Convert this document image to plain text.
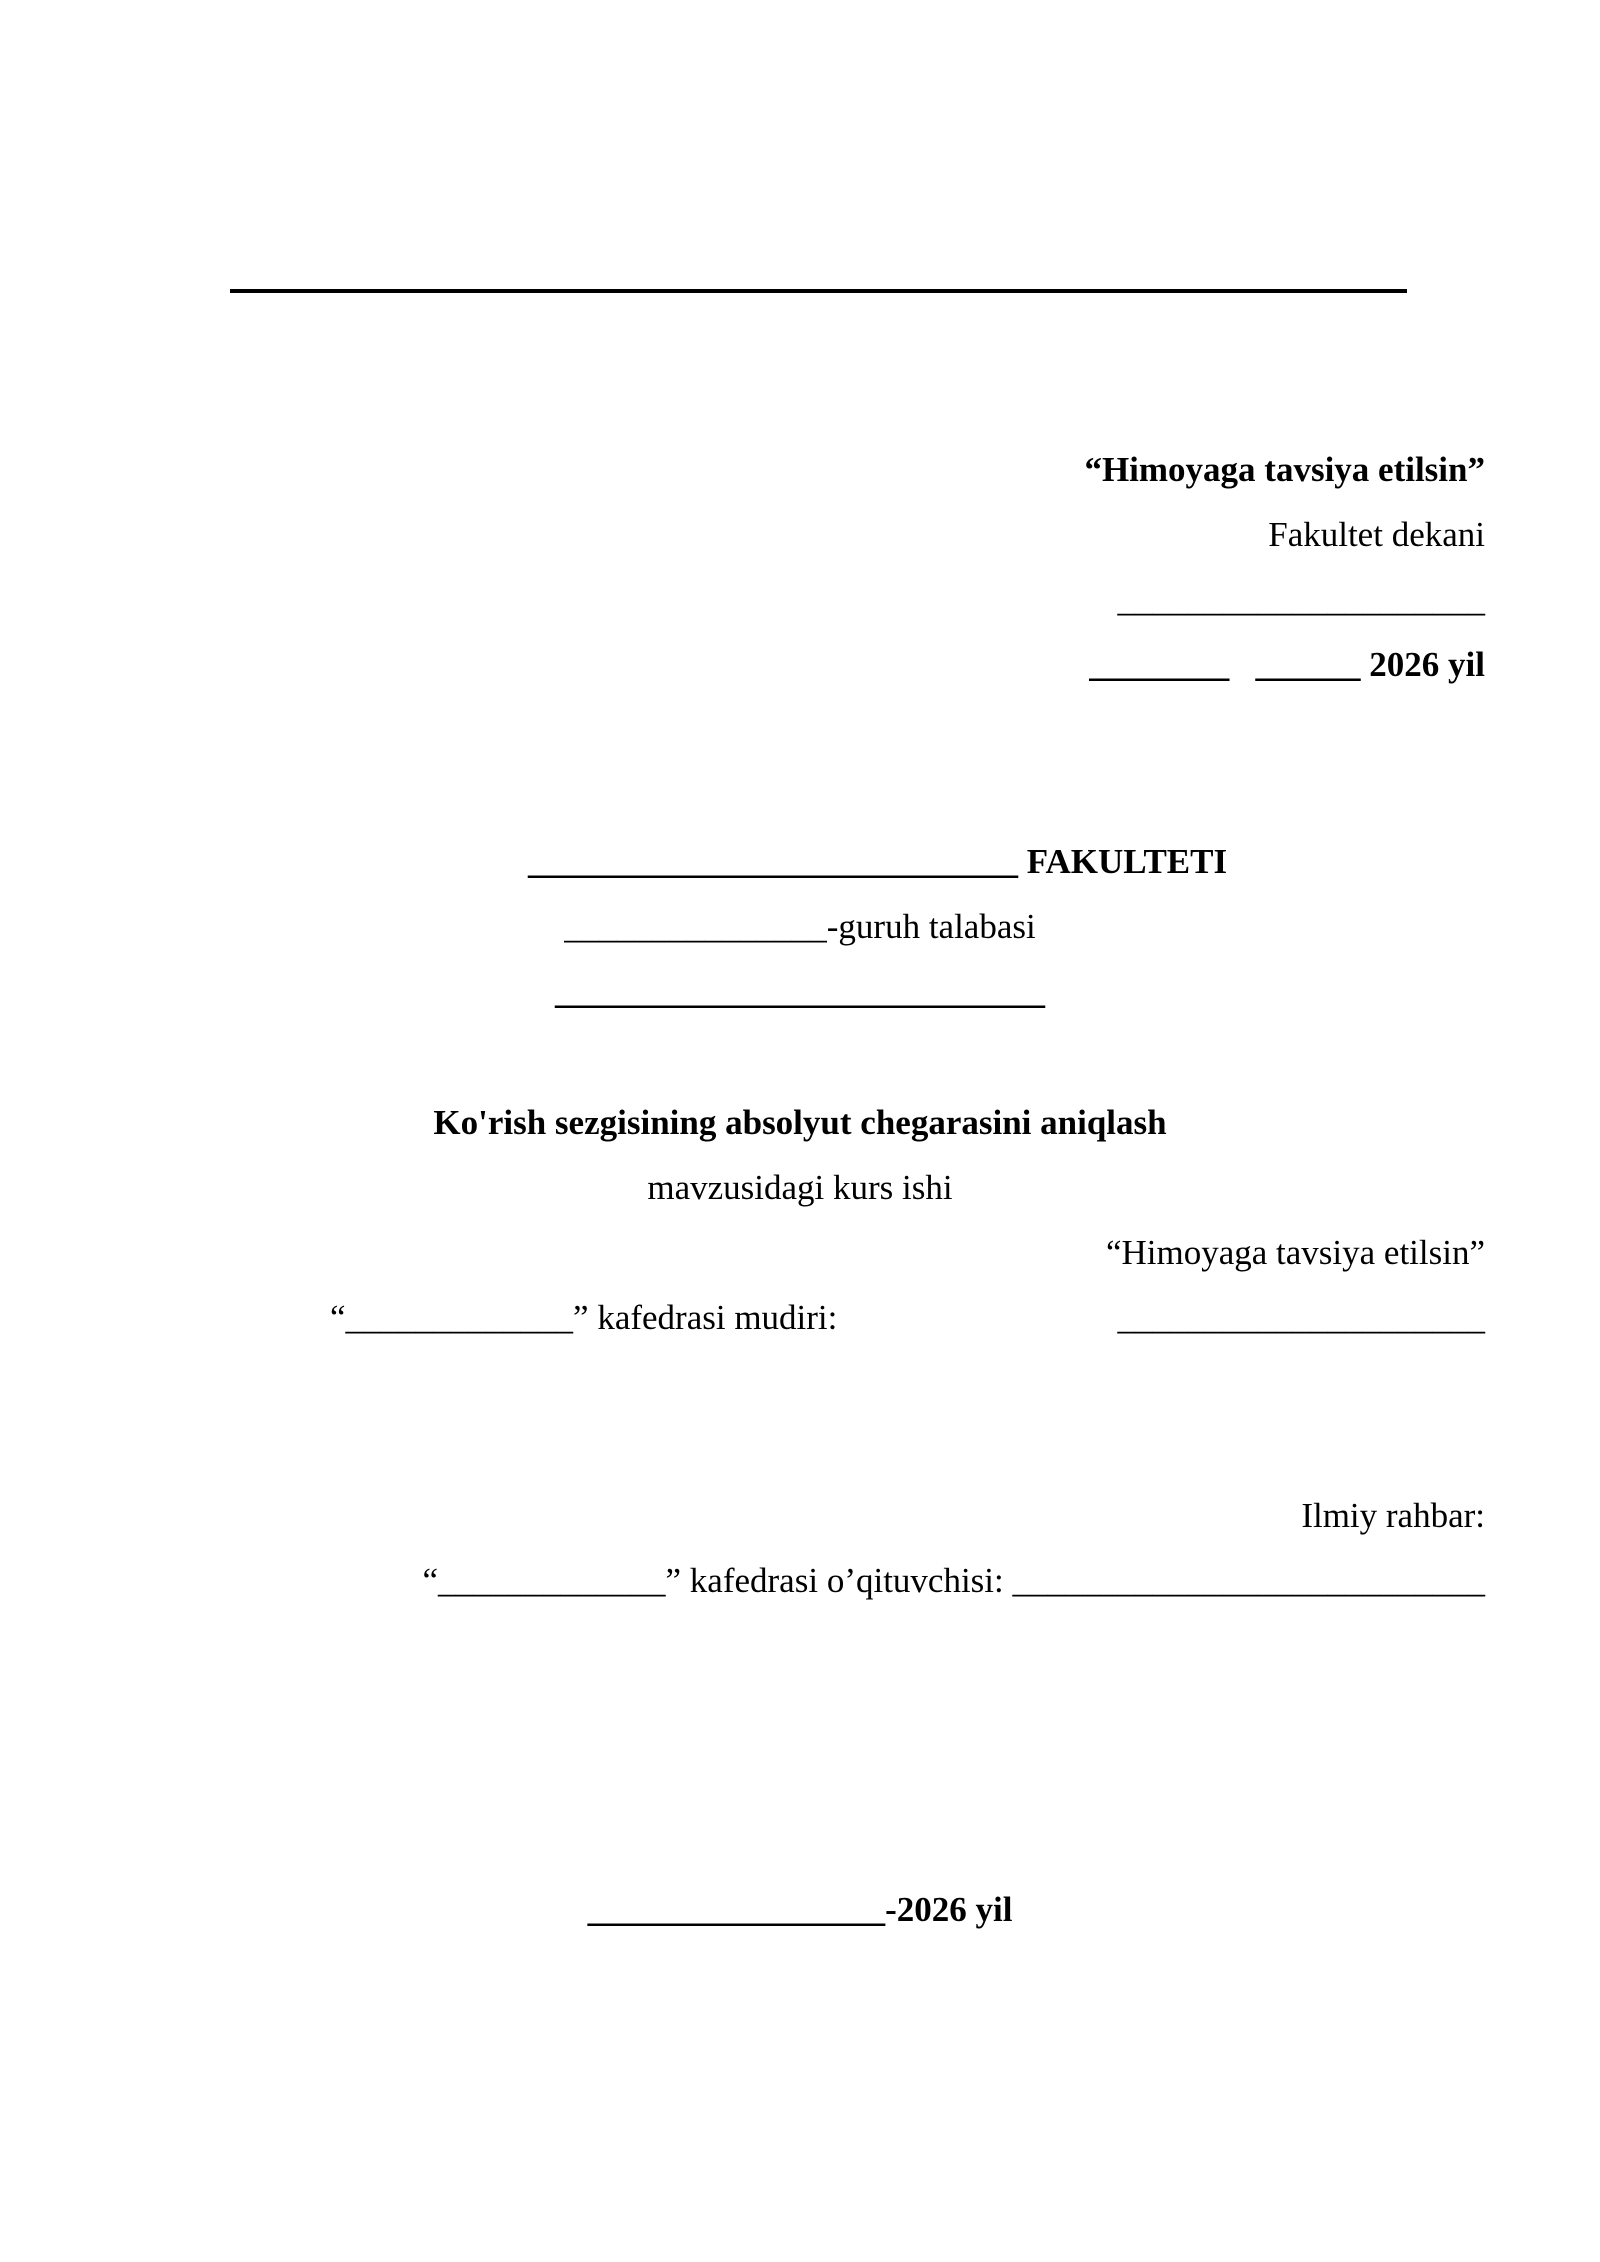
“Himoyaga tavsiya etilsin”
Fakultet dekani
_____________________
________   ______ 2026 yil
____________________________ FAKULTETI
_______________-guruh talabasi
____________________________
Ko'rish sezgisining absolyut chegarasini aniqlash
mavzusidagi kurs ishi
“Himoyaga tavsiya etilsin”
“_____________” kafedrasi mudiri:	_____________________
Ilmiy rahbar:
“_____________” kafedrasi o’qituvchisi: ___________________________
_________________-2026 yil
